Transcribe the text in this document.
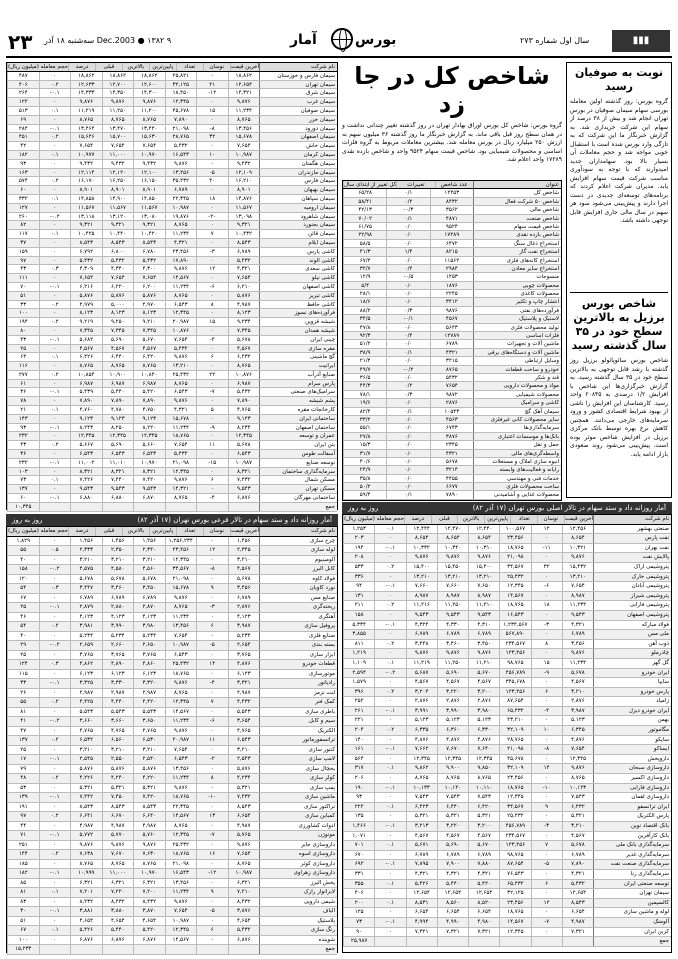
۲۳ ۹ Dec.2003 ● ۱۳۸۲ سه‌شنبه ۱۸ آذر	آمار	بورس	سال اول شماره ۲۷۳	▮▮▮
نوبت به صوفیان رسید
گروه بورس: روز گذشته اولین معامله بورسی سهام سیمان صوفیان در بورس تهران انجام شد و بیش از ۳۸ درصد از سهام این شرکت خریداری شد. به گزارش خبرنگار ما این شرکت که به تازگی وارد بورس شده است با استقبال خوبی مواجه شد و حجم معاملات آن بسیار بالا بود. سهامداران جدید امیدوارند که با توجه به سودآوری مناسب شرکت قیمت سهام افزایش یابد. مدیران شرکت اعلام کردند که برنامه‌های توسعه‌ای جدیدی در دست اجرا دارند و پیش‌بینی می‌شود سود هر سهم در سال مالی جاری افزایش قابل توجهی داشته باشد.
شاخص بورس برزیل به بالاترین سطح خود در ۳۵ سال گذشته رسید
شاخص بورس سائوپائولو برزیل روز گذشته با رشد قابل توجهی به بالاترین سطح خود در ۳۵ سال گذشته رسید. به گزارش خبرگزاری‌ها این شاخص با افزایش ۱/۲ درصدی به ۲۰۸۴۵ واحد رسید. کارشناسان این افزایش را ناشی از بهبود شرایط اقتصادی کشور و ورود سرمایه‌های خارجی می‌دانند. همچنین کاهش نرخ بهره توسط بانک مرکزی برزیل در افزایش شاخص موثر بوده است. پیش‌بینی می‌شود روند صعودی بازار ادامه یابد.
شاخص کل در جا زد
گروه بورس: شاخص کل بورس اوراق بهادار تهران در روز گذشته تغییر چندانی نداشت و در همان سطح روز قبل باقی ماند. به گزارش خبرنگار ما روز گذشته ۳۶ میلیون سهم به ارزش ۲۵۰ میلیارد ریال در بورس معامله شد. بیشترین معاملات مربوط به گروه فلزات اساسی و محصولات شیمیایی بود. شاخص قیمت سهام ۹۵۲۴ واحد و شاخص بازده نقدی ۱۷۲۸۹ واحد اعلام شد.
کل تغییر از ابتدای سال	تغییرات	عدد شاخص	عنوان
۶۵/۲۸	۰/۱	۱۲۴۵۳	شاخص کل
۵۸/۴۱	۰/۲	۸۴۳۲	شاخص ۵۰ شرکت فعال
۴۲/۱۳	-۰/۳	۳۵۶۲	شاخص مالی
۷۰/۰۲	۰/۱	۴۸۷۱	شاخص صنعت
۶۱/۷۵	۰/۰	۹۵۲۴	شاخص قیمت سهام
۲۲/۹۸	۰/۰	۱۷۲۸۹	شاخص بازده نقدی
۵۸/۵	۰/۰	۶۴۷۲	استخراج ذغال سنگ
۴۱/۳	۱/۴	۸۲۱۵	استخراج نفت گاز
۶۷/۴	۰/۰	۱۱۵۶۲	استخراج کانه‌های فلزی
۳۲/۷	۰/۲	۲۹۸۴	استخراج سایر معادن
۱۲/۹	-۰/۵	۱۴۵۳	منسوجات
۵/۴	۰/۰	۱۸۷۶	محصولات چوبی
۲۸/۱	۰/۰	۲۲۴۵	محصولات کاغذی
۱۸/۶	۰/۰	۳۴۱۲	انتشار چاپ و تکثیر
۸۸/۲	۰/۳	۹۸۷۶	فرآورده‌های نفتی
۳۴/۵	-۰/۱	۴۵۶۷	لاستیک و پلاستیک
۴۷/۸	۰/۰	۵۶۴۳	تولید محصولات فلزی
۹۲/۳	۰/۴	۱۲۷۸۹	فلزات اساسی
۵۱/۲	۰/۰	۶۷۸۹	ماشین آلات و تجهیزات
۳۸/۹	۰/۱	۴۳۲۱	ماشین آلات و دستگاه‌های برقی
۲۱/۴	۰/۰	۳۲۱۵	وسایل ارتباطی
۴۹/۷	-۰/۲	۸۷۶۵	خودرو و ساخت قطعات
۳۶/۵	۰/۰	۵۴۳۲	قند و شکر
۴۴/۳	۰/۲	۷۶۵۴	مواد و محصولات دارویی
۷۸/۱	۰/۳	۹۸۷۲	محصولات شیمیایی
۱۹/۶	۰/۰	۲۸۷۶	کاشی و سرامیک
۸۲/۴	۰/۱	۱۰۵۴۳	سیمان آهک گچ
۳۳/۲	۰/۰	۴۵۶۳	سایر محصولات کانی غیرفلزی
۵۵/۱	۰/۰	۶۷۴۳	سرمایه‌گذاری‌ها
۲۷/۸	۰/۰	۳۸۷۶	بانک‌ها و موسسات اعتباری
۱۵/۳	۰/۰	۲۳۴۵	حمل و نقل
۳۱/۷	۰/۰	۴۳۲۱	واسطه‌گری‌های مالی
۴۰/۶	۰/۰	۵۶۷۸	انبوه سازی املاک و مستغلات
۲۴/۹	۰/۰	۳۲۱۴	رایانه و فعالیت‌های وابسته
۳۵/۸	۰/۰	۴۴۵۵	خدمات فنی و مهندسی
۵۰/۲	۰/۰	۶۶۷۷	ساخت محصولات فلزی
۵۹/۴	۰/۱	۷۸۹۰	محصولات غذایی و آشامیدنی
حجم معامله (میلیون ریال)	درصد	قبلی	بالاترین	پایین‌ترین	تعداد	نوسان	آخرین قیمت	نام شرکت
۴۸۷	۰	۱۸,۸۶۲	۱۸,۸۶۲	۱۸,۸۶۲	۲۵,۸۲۱	۰	۱۸,۸۶۲	سیمان فارس و خوزستان
۴۰۶	۰.۲	۱۲,۶۳۳	۱۲,۷۰۰	۱۲,۶۰۰	۳۲,۱۲۵	۲۱	۱۲,۶۵۴	سیمان تهران
۲۶۴	-۰.۱	۱۴,۳۳۳	۱۴,۳۵۰	۱۴,۳۰۰	۱۸,۴۵۰	-۱۲	۱۴,۳۲۱	سیمان شرق
۱۲۲	۰	۹,۸۷۶	۹,۸۷۶	۹,۸۷۶	۱۲,۳۴۵	۰	۹,۸۷۶	سیمان غرب
۵۱۳	۰.۱	۱۱,۲۱۹	۱۱,۲۵۰	۱۱,۲۰۰	۴۵,۶۷۸	۱۵	۱۱,۲۳۴	سیمان صوفیان
۶۹	۰	۸,۷۶۵	۸,۷۶۵	۸,۷۶۵	۷,۸۹۰	۰	۸,۷۶۵	سیمان خزر
۲۸۴	-۰.۱	۱۳,۴۶۴	۱۳,۴۷۰	۱۳,۴۴۰	۲۱,۰۹۸	-۸	۱۳,۴۵۶	سیمان دورود
۴۵۱	۰.۲	۱۵,۶۴۶	۱۵,۷۰۰	۱۵,۶۳۰	۲۸,۷۶۵	۳۲	۱۵,۶۷۸	سیمان اصفهان
۴۲	۰	۷,۶۵۴	۷,۶۵۴	۷,۶۵۴	۵,۴۳۲	۰	۷,۶۵۴	سیمان خاش
۱۸۲	۰.۱	۱۰,۹۷۷	۱۱,۰۰۰	۱۰,۹۷۰	۱۶,۵۴۳	۱۰	۱۰,۹۸۷	سیمان کرمان
۹۳	۰	۹,۴۳۲	۹,۴۳۲	۹,۴۳۲	۹,۸۷۶	۰	۹,۴۳۲	سیمان هگمتان
۱۶۳	۰	۱۲,۱۱۴	۱۲,۱۲۰	۱۲,۱۰۰	۱۳,۴۵۶	-۵	۱۲,۱۰۹	سیمان مازندران
۵۷۴	۰.۲	۱۶,۱۷۰	۱۶,۲۵۰	۱۶,۱۵۰	۳۵,۴۳۲	۴۰	۱۶,۲۱۰	سیمان فارس
۶۰	۰	۸,۹۰۱	۸,۹۰۱	۸,۹۰۱	۶,۷۸۹	۰	۸,۹۰۱	سیمان بهبهان
۳۳۲	۰.۱	۱۴,۸۵۸	۱۴,۹۰۰	۱۴,۸۵۰	۲۲,۳۴۵	۱۸	۱۴,۸۷۶	سیمان سپاهان
۱۲۷	۰	۱۱,۵۶۷	۱۱,۵۶۷	۱۱,۵۶۷	۱۰,۹۸۷	۰	۱۱,۵۶۷	سیمان ارومیه
۲۶۰	-۰.۲	۱۳,۱۱۸	۱۳,۱۲۰	۱۳,۰۸۰	۱۹,۸۷۶	-۲۰	۱۳,۰۹۸	سیمان شاهرود
۸۲	۰	۹,۳۲۱	۹,۳۲۱	۹,۳۲۱	۸,۷۶۵	۰	۹,۳۲۱	سیمان بجنورد
۱۱۷	۰.۱	۱۰,۴۲۵	۱۰,۴۴۰	۱۰,۴۲۰	۱۱,۲۳۴	۷	۱۰,۴۳۲	سیمان قائن
۳۷	۰	۸,۵۴۳	۸,۵۴۳	۸,۵۴۳	۴,۳۲۱	۰	۸,۵۴۳	سیمان ایلام
۱۵۹	۰	۶,۷۹۲	۶,۸۰۰	۶,۷۸۰	۲۳,۴۵۶	-۳	۶,۷۸۹	کاشی پارس
۹۷	۰	۵,۴۳۲	۵,۴۳۲	۵,۴۳۲	۱۷,۸۹۰	۰	۵,۴۳۲	کاشی الوند
۴۳	۰.۳	۴,۳۰۹	۴,۳۴۰	۴,۳۰۰	۹,۸۷۶	۱۲	۴,۳۲۱	کاشی سعدی
۱۱۱	۰	۷,۶۵۴	۷,۶۵۴	۷,۶۵۴	۱۴,۵۶۷	۰	۷,۶۵۴	کاشی نیلو
۷۰	-۰.۱	۶,۲۱۶	۶,۲۲۰	۶,۲۰۰	۱۱,۲۳۴	-۶	۶,۲۱۰	کاشی اصفهان
۵۱	۰	۵,۸۷۶	۵,۸۷۶	۵,۸۷۶	۸,۷۶۵	۰	۵,۸۷۶	کاشی تبریز
۳۳	۰.۲	۴,۹۷۹	۵,۰۰۰	۴,۹۷۰	۶,۵۴۳	۸	۴,۹۸۷	کاشی حافظ
۱۰۰	۰	۸,۱۲۳	۸,۱۲۳	۸,۱۲۳	۱۲,۳۴۵	۰	۸,۱۲۳	فرآورده‌های نسوز
۱۹۴	۰.۲	۹,۲۱۹	۹,۲۵۰	۹,۲۱۰	۲۰,۹۸۷	۱۵	۹,۲۳۴	شیشه قزوین
۸۰	۰	۷,۳۴۵	۷,۳۴۵	۷,۳۴۵	۱۰,۸۷۶	۰	۷,۳۴۵	شیشه همدان
۴۳	-۰.۱	۵,۶۸۲	۵,۶۹۰	۵,۶۷۰	۷,۶۵۴	-۴	۵,۶۷۸	چینی ایران
۲۵	۰	۴,۵۶۷	۴,۵۶۷	۴,۵۶۷	۵,۴۳۲	۰	۴,۵۶۷	مقره سازی
۶۴	۰.۱	۶,۴۲۶	۶,۴۴۰	۶,۴۲۰	۹,۸۷۶	۶	۶,۴۳۲	گچ ماشینی
۱۱۶	۰	۸,۷۶۵	۸,۷۶۵	۸,۷۶۵	۱۳,۲۱۰	۰	۸,۷۶۵	ایرانیت
۲۷۷	۰.۲	۱۰,۸۵۴	۱۰,۹۰۰	۱۰,۸۴۰	۲۵,۴۳۲	۲۲	۱۰,۸۷۶	صنایع آذرآب
۶۱	۰	۶,۹۸۷	۶,۹۸۷	۶,۹۸۷	۸,۷۶۵	۰	۶,۹۸۷	پارس سرام
۳۶	-۰.۱	۵,۴۳۹	۵,۴۴۰	۵,۴۲۰	۶,۵۴۳	-۷	۵,۴۳۲	سرامیک‌های صنعتی
۷۸	۰	۷,۸۹۰	۷,۸۹۰	۷,۸۹۰	۹,۸۷۶	۰	۷,۸۹۰	پشم شیشه
۲۱	۰.۱	۴,۷۶۰	۴,۷۸۰	۴,۷۵۰	۴,۳۲۱	۵	۴,۷۶۵	کارخانجات مقره
۱۴۳	۰	۹,۱۲۳	۹,۱۲۳	۹,۱۲۳	۱۵,۶۷۸	۰	۹,۱۲۳	ساختمانی ایران
۹۳	-۰.۱	۸,۲۴۳	۸,۲۵۰	۸,۲۲۰	۱۱,۲۳۴	-۹	۸,۲۳۴	ساختمان اصفهان
۲۳۲	۰	۱۲,۳۴۵	۱۲,۳۴۵	۱۲,۳۴۵	۱۸,۷۶۵	۰	۱۲,۳۴۵	عمران و توسعه
۴۳	۰.۲	۵,۶۶۷	۵,۶۹۰	۵,۶۶۰	۷,۶۵۴	۱۱	۵,۶۷۸	بتن ایران
۳۶	۰	۶,۵۴۳	۶,۵۴۳	۶,۵۴۳	۵,۴۳۲	۰	۶,۵۴۳	آسفالت طوس
۲۳۲	-۰.۱	۱۱,۰۰۲	۱۱,۰۱۰	۱۰,۹۷۰	۲۱,۰۹۸	-۱۵	۱۰,۹۸۷	توسعه صنایع
۱۰۳	۰	۸,۳۲۱	۸,۳۲۱	۸,۳۲۱	۱۲,۳۴۵	۰	۸,۳۲۱	سرمایه‌گذاری ساختمان
۷۳	۰.۱	۷,۴۲۶	۷,۴۴۰	۷,۴۲۰	۹,۸۷۶	۶	۷,۴۳۲	مسکن شمال
۱۳۷	۰	۹,۵۴۳	۹,۵۴۳	۹,۵۴۳	۱۴,۳۲۱	۰	۹,۵۴۳	مسکن تهران
۶۰	-۰.۱	۶,۸۸۰	۶,۸۸۰	۶,۸۷۰	۸,۷۶۵	-۴	۶,۸۷۶	ساختمانی مهرگان
۱۰,۳۴۵	جمع
آمار روزانه داد و ستد سهام در تالار فرعی بورس تهران (۱۷ آذر ۸۲)
روز به روز
حجم معامله (میلیون ریال)	درصد	قبلی	بالاترین	پایین‌ترین	تعداد	نوسان	آخرین قیمت	نام شرکت
۱,۸۲۹	۰	۱,۴۵۶	۱,۴۵۶	۱,۴۵۶	۱,۲۵۶,۲۳۴	۰	۱,۴۵۶	چرخ سازی
۵۵	۰.۵	۲,۳۳۳	۲,۳۵۰	۲,۳۴۰	۲۳,۴۵۶	۱۲	۲,۳۴۵	لوله سازی
۴۰	۰	۳,۲۱۰	۳,۲۱۰	۳,۲۱۰	۱۲,۳۴۵	۰	۳,۲۱۰	آلومینیوم
۱۵۸	-۰.۲	۴,۵۷۵	۴,۵۸۰	۴,۵۶۰	۳۴,۵۶۷	-۸	۴,۵۶۷	کابل البرز
۱۲۰	۰	۵,۶۷۸	۵,۶۷۸	۵,۶۷۸	۲۱,۰۹۸	۰	۵,۶۷۸	فولاد کاوه
۵۴	۰.۳	۳,۴۴۷	۳,۴۶۰	۳,۴۵۰	۱۵,۶۷۸	۹	۳,۴۵۶	نورد کاویان
۶۷	۰	۶,۷۸۹	۶,۷۸۹	۶,۷۸۹	۹,۸۷۶	۰	۶,۷۸۹	صنایع مس
۲۵	-۰.۱	۲,۸۷۹	۲,۸۸۰	۲,۸۷۰	۸,۷۶۵	-۳	۲,۸۷۶	ریخته‌گری
۴۶	۰	۴,۱۲۳	۴,۱۲۳	۴,۱۲۳	۱۱,۲۳۴	۰	۴,۱۲۳	آهنگری
۵۴	۰.۲	۳,۹۸۱	۳,۹۹۰	۳,۹۸۰	۱۳,۴۵۶	۶	۳,۹۸۷	پروفیل سازی
۴۰	۰	۵,۲۳۴	۵,۲۳۴	۵,۲۳۴	۷,۶۵۴	۰	۵,۲۳۴	صنایع فلزی
۲۹	-۰.۲	۲,۶۵۹	۲,۶۶۰	۲,۶۵۰	۱۰,۹۸۷	-۵	۲,۶۵۴	بسته بندی
۲۵	۰	۳,۷۶۵	۳,۷۶۵	۳,۷۶۵	۶,۵۴۳	۰	۳,۷۶۵	ابزار سازی
۱۲۴	۰.۳	۴,۸۶۲	۴,۸۹۰	۴,۸۶۰	۲۵,۴۳۲	۱۴	۴,۸۷۶	قطعات خودرو
۱۱۵	۰	۶,۱۲۳	۶,۱۲۳	۶,۱۲۳	۱۸,۷۶۵	۰	۶,۱۲۳	موتورسازی
۳۳	-۰.۱	۳,۳۲۵	۳,۳۳۰	۳,۳۲۰	۹,۸۷۶	-۴	۳,۳۲۱	رادیاتور
۲۶	۰	۲,۹۸۷	۲,۹۸۷	۲,۹۸۷	۸,۷۶۵	۰	۲,۹۸۷	لنت ترمز
۵۵	۰.۲	۴,۴۲۵	۴,۴۴۰	۴,۴۲۰	۱۲,۳۴۵	۷	۴,۴۳۲	کمک فنر
۸۱	۰	۵,۵۴۳	۵,۵۴۳	۵,۵۴۳	۱۴,۵۶۷	۰	۵,۵۴۳	باطری سازی
۴۱	-۰.۲	۳,۶۶۰	۳,۶۶۰	۳,۶۵۰	۱۱,۲۳۴	-۶	۳,۶۵۴	سیم و کابل
۴۷	۰	۴,۷۶۵	۴,۷۶۵	۴,۷۶۵	۹,۸۷۶	۰	۴,۷۶۵	الکتریک
۱۳۷	۰.۲	۶,۵۳۲	۶,۵۶۰	۶,۵۳۰	۲۰,۹۸۷	۱۱	۶,۵۴۳	ترانسفورماتور
۲۵	۰	۳,۲۱۰	۳,۲۱۰	۳,۲۱۰	۷,۶۵۴	۰	۳,۲۱۰	کنتور سازی
۱۷	-۰.۱	۲,۵۴۵	۲,۵۵۰	۲,۵۴۰	۶,۵۴۳	-۲	۲,۵۴۳	لامپ سازی
۷۹	۰	۵,۸۷۶	۵,۸۷۶	۵,۸۷۶	۱۳,۴۵۶	۰	۵,۸۷۶	یخچال سازی
۴۸	۰.۲	۴,۲۲۶	۴,۲۴۰	۴,۲۲۰	۱۱,۲۳۴	۸	۴,۲۳۴	کولر سازی
۵۳	۰	۵,۳۲۱	۵,۳۲۱	۵,۳۲۱	۹,۸۷۶	۰	۵,۳۲۱	پمپ سازی
۱۳۹	-۰.۱	۷,۴۴۲	۷,۴۵۰	۷,۴۲۰	۱۸,۷۶۵	-۱۰	۷,۴۳۲	ماشین سازی
۱۹۱	۰	۸,۵۴۳	۸,۵۴۳	۸,۵۴۳	۲۲,۳۴۵	۰	۸,۵۴۳	تراکتور سازی
۹۷	۰.۲	۶,۶۴۱	۶,۶۷۰	۶,۶۴۰	۱۴,۵۶۷	۱۳	۶,۶۵۴	کمباین سازی
۴۴	۰	۴,۹۸۷	۴,۹۸۷	۴,۹۸۷	۸,۷۶۵	۰	۴,۹۸۷	ادوات کشاورزی
۷۱	-۰.۱	۵,۷۷۲	۵,۷۷۰	۵,۷۶۰	۱۲,۳۴۵	-۷	۵,۷۶۵	موتوژن
۲۵۱	۰	۹,۸۷۶	۹,۸۷۶	۹,۸۷۶	۲۵,۴۳۲	۰	۹,۸۷۶	داروسازی جابر
۱۴۴	۰.۲	۷,۶۳۸	۷,۶۷۰	۷,۶۳۰	۱۸,۷۶۵	۱۶	۷,۶۵۴	داروسازی اسوه
۱۸۵	۰	۸,۷۶۵	۸,۷۶۵	۸,۷۶۵	۲۱,۰۹۸	۰	۸,۷۶۵	داروسازی کوثر
۱۸۲	-۰.۱	۱۰,۹۹۹	۱۱,۰۰۰	۱۰,۹۷۰	۱۶,۵۴۳	-۱۲	۱۰,۹۸۷	داروسازی زهراوی
۸۵	۰	۶,۳۲۱	۶,۳۲۱	۶,۳۲۱	۱۳,۴۵۶	۰	۶,۳۲۱	پخش البرز
۸۱	۰.۱	۷,۲۰۱	۷,۲۲۰	۷,۲۰۰	۱۱,۲۳۴	۹	۷,۲۱۰	لابراتوار رازک
۸۳	۰	۸,۴۳۲	۸,۴۳۲	۸,۴۳۲	۹,۸۷۶	۰	۸,۴۳۲	شیمی دارویی
۳۰	-۰.۱	۳,۸۸۱	۳,۸۸۰	۳,۸۷۰	۷,۶۵۴	-۵	۳,۸۷۶	الیاف
۵۱	۰	۴,۶۵۴	۴,۶۵۴	۴,۶۵۴	۱۰,۹۸۷	۰	۴,۶۵۴	پلاستیک
۶۷	۰.۱	۵,۴۲۶	۵,۴۴۰	۵,۴۲۰	۱۲,۳۴۵	۶	۵,۴۳۲	رنگ سازی
۱۰۰	۰	۶,۸۷۶	۶,۸۷۶	۶,۸۷۶	۱۴,۵۶۷	۰	۶,۸۷۶	شوینده
۱۵,۲۳۴	جمع
آمار روزانه داد و ستد سهام در تالار اصلی بورس تهران (۱۷ آذر ۸۲)
روز به روز
حجم معامله (میلیون ریال)	درصد	قبلی	بالاترین	پایین‌ترین	تعداد	نوسان	آخرین قیمت	نام شرکت
۱,۲۵۳	۰.۱	۱۲,۴۴۴	۱۲,۴۷۰	۱۲,۴۴۰	۱۰۰,۵۶۷	۱۲	۱۲,۴۵۶	صنعتی بهشهر
۲۰۳	۰	۸,۶۵۴	۸,۶۵۴	۸,۶۵۴	۲۳,۴۵۶	۰	۸,۶۵۴	نفت پارس
۱۹۴	-۰.۱	۱۰,۳۳۲	۱۰,۳۴۰	۱۰,۳۱۰	۱۸,۷۶۵	-۱۱	۱۰,۳۲۱	نفت بهران
۲۰۸	۰	۹,۸۷۶	۹,۸۷۶	۹,۸۷۶	۲۱,۰۹۸	۰	۹,۸۷۶	پالایش نفت
۵۳۳	۰.۲	۱۵,۴۰۰	۱۵,۴۵۰	۱۵,۴۰۰	۳۴,۵۶۷	۳۲	۱۵,۴۳۲	پتروشیمی اراک
۳۳۶	۰	۱۳,۲۱۰	۱۳,۲۱۰	۱۳,۲۱۰	۲۵,۴۳۲	۰	۱۳,۲۱۰	پتروشیمی خارک
۹۴	-۰.۱	۷,۶۶۰	۷,۶۶۰	۷,۶۵۰	۱۲,۳۴۵	-۶	۷,۶۵۴	پتروشیمی آبادان
۱۳۱	۰	۸,۹۸۷	۸,۹۸۷	۸,۹۸۷	۱۴,۵۶۷	۰	۸,۹۸۷	پتروشیمی شیراز
۲۱۱	۰.۲	۱۱,۲۱۶	۱۱,۲۵۰	۱۱,۲۱۰	۱۸,۷۶۵	۱۸	۱۱,۲۳۴	پتروشیمی فارابی
۱۵۸	۰	۹,۵۴۳	۹,۵۴۳	۹,۵۴۳	۱۶,۵۴۳	۰	۹,۵۴۳	پتروشیمی اصفهان
۵,۳۳۴	-۰.۱	۴,۳۲۴	۴,۳۳۰	۴,۳۱۰	۱,۲۳۴,۵۶۷	-۳	۴,۳۲۱	فولاد مبارکه
۳,۸۵۵	۰	۶,۷۸۹	۶,۷۸۹	۶,۷۸۹	۵۶۷,۸۹۰	۰	۶,۷۸۹	ملی مس
۸۱۱	۰.۲	۳,۴۴۸	۳,۴۶۰	۳,۴۵۰	۲۳۴,۵۶۷	۸	۳,۴۵۶	ذوب آهن
۱,۲۱۹	۰	۹,۸۷۶	۹,۸۷۶	۹,۸۷۶	۱۲۳,۴۵۶	۰	۹,۸۷۶	چادرملو
۱,۱۰۹	۰.۱	۱۱,۲۱۹	۱۱,۲۵۰	۱۱,۲۱۰	۹۸,۷۶۵	۱۵	۱۱,۲۳۴	گل گهر
۲,۵۹۴	-۰.۲	۵,۶۸۷	۵,۶۹۰	۵,۶۷۰	۴۵۶,۷۸۹	-۹	۵,۶۷۸	ایران خودرو
۱,۵۷۹	۰	۴,۵۶۷	۴,۵۶۷	۴,۵۶۷	۳۴۵,۶۷۸	۰	۴,۵۶۷	سایپا
۳۹۶	۰.۲	۳,۲۰۴	۳,۲۲۰	۳,۲۰۰	۱۲۳,۴۵۶	۶	۳,۲۱۰	پارس خودرو
۲۵۲	۰	۲,۸۷۶	۲,۸۷۶	۲,۸۷۶	۸۷,۶۵۴	۰	۲,۸۷۶	زامیاد
۲۶۱	-۰.۱	۳,۹۹۱	۳,۹۹۰	۳,۹۸۰	۶۵,۴۳۲	-۴	۳,۹۸۷	ایران خودرو دیزل
۲۲۱	۰	۵,۱۲۳	۵,۱۲۳	۵,۱۲۳	۴۳,۲۱۰	۰	۵,۱۲۳	بهمن
۲۰۴	۰.۲	۶,۳۳۵	۶,۳۶۰	۶,۳۳۰	۳۲,۱۰۹	۱۰	۶,۳۴۵	مگاموتور
۱۴۰	۰	۴,۸۷۶	۴,۸۷۶	۴,۸۷۶	۲۸,۷۶۵	۰	۴,۸۷۶	ساپکو
۱۶۱	-۰.۱	۷,۶۶۲	۷,۶۷۰	۷,۶۴۰	۲۱,۰۹۸	-۸	۷,۶۵۴	ایساکو
۵۶۴	۰	۱۲,۳۴۵	۱۲,۳۴۵	۱۲,۳۴۵	۴۵,۶۷۸	۰	۱۲,۳۴۵	داروپخش
۳۱۷	۰.۱	۹,۸۶۲	۹,۹۰۰	۹,۸۵۰	۳۲,۱۰۹	۱۴	۹,۸۷۶	داروسازی سبحان
۲۰۶	۰	۸,۷۶۵	۸,۷۶۵	۸,۷۶۵	۲۳,۴۵۶	۰	۸,۷۶۵	داروسازی اکسیر
۱۹۰	-۰.۱	۱۰,۱۳۳	۱۰,۱۴۰	۱۰,۱۱۰	۱۸,۷۶۵	-۱۰	۱۰,۱۲۳	داروسازی فارابی
۹۳	۰	۷,۵۴۳	۷,۵۴۳	۷,۵۴۳	۱۲,۳۴۵	۰	۷,۵۴۳	داروسازی لقمان
۲۲۲	۰.۱	۶,۴۲۳	۶,۴۴۰	۶,۴۲۰	۳۴,۵۶۷	۹	۶,۴۳۲	ایران ترانسفو
۱۳۵	۰	۵,۳۲۱	۵,۳۲۱	۵,۳۲۱	۲۵,۴۳۲	۰	۵,۳۲۱	پارس الکتریک
۱,۴۶۶	-۰.۱	۳,۲۱۳	۳,۲۲۰	۳,۲۰۰	۴۵۶,۷۸۹	-۳	۳,۲۱۰	بانک اقتصاد نوین
۱,۰۷۱	۰	۴,۵۶۷	۴,۵۶۷	۴,۵۶۷	۲۳۴,۵۶۷	۰	۴,۵۶۷	بانک کارآفرین
۷۰۱	۰.۱	۵,۶۷۱	۵,۶۹۰	۵,۶۷۰	۱۲۳,۴۵۶	۷	۵,۶۷۸	سرمایه‌گذاری بانک ملی
۶۷۰	۰	۶,۷۸۹	۶,۷۸۹	۶,۷۸۹	۹۸,۷۶۵	۰	۶,۷۸۹	سرمایه‌گذاری غدیر
۶۹۲	-۰.۱	۷,۸۹۵	۷,۹۰۰	۷,۸۸۰	۸۷,۶۵۴	-۵	۷,۸۹۰	سرمایه‌گذاری صنعت نفت
۳۳۱	۰	۴,۳۲۱	۴,۳۲۱	۴,۳۲۱	۷۶,۵۴۳	۰	۴,۳۲۱	سرمایه‌گذاری رنا
۳۵۵	۰.۱	۵,۴۲۶	۵,۴۴۰	۵,۴۲۰	۶۵,۴۳۲	۶	۵,۴۳۲	توسعه صنعتی ایران
۴۰۶	۰	۱۲,۶۵۴	۱۲,۶۵۴	۱۲,۶۵۴	۳۲,۱۲۵	۰	۱۲,۶۵۴	سیمان تهران
۲۰۰	۰.۱	۸,۵۳۱	۸,۵۶۰	۸,۵۲۰	۲۳,۴۵۶	۱۲	۸,۵۴۳	کالسیمین
۱۲۵	۰	۶,۶۵۴	۶,۶۵۴	۶,۶۵۴	۱۸,۷۶۵	۰	۶,۶۵۴	لوله و ماشین سازی
۷۳	-۰.۱	۴,۹۹۴	۴,۹۹۰	۴,۹۸۰	۱۴,۵۶۷	-۷	۴,۹۸۷	آلومتک
۹۰	۰	۷,۳۲۱	۷,۳۲۱	۷,۳۲۱	۱۲,۳۴۵	۰	۷,۳۲۱	کربن ایران
۲۵,۹۸۷	جمع
